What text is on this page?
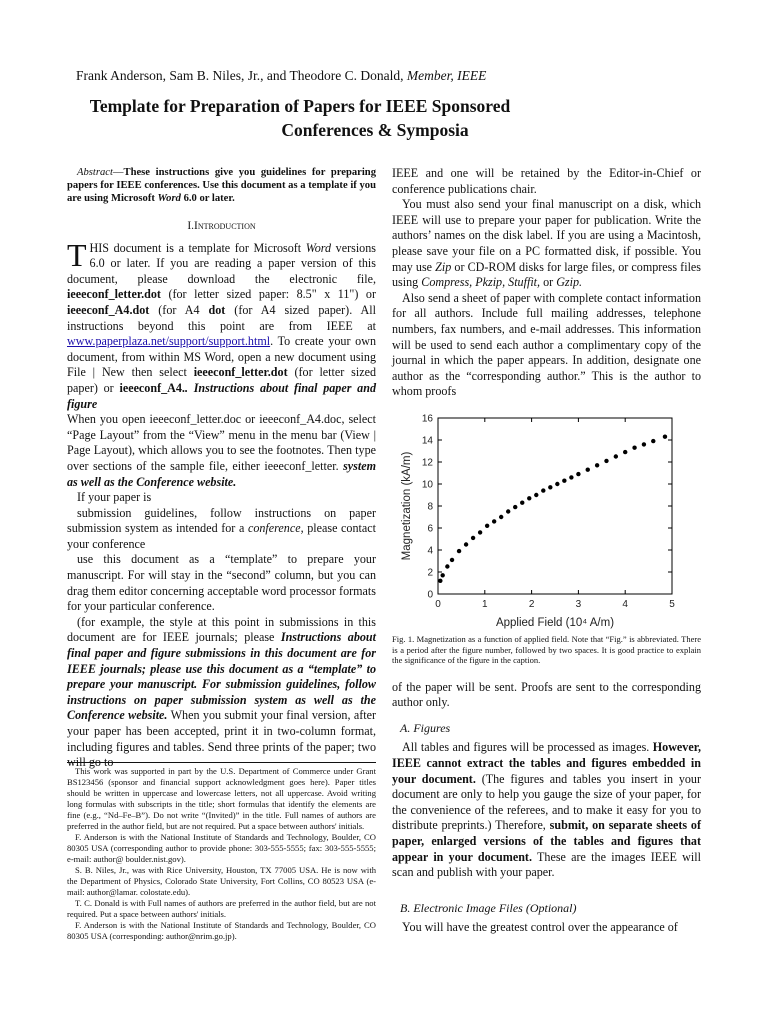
Frank Anderson, Sam B. Niles, Jr., and Theodore C. Donald, Member, IEEE
Template for Preparation of Papers for IEEE Sponsored
Conferences & Symposia

Abstract—These instructions give you guidelines for preparing papers for IEEE conferences. Use this document as a template if you are using Microsoft Word 6.0 or later.

I.Introduction

T HIS document is a template for Microsoft Word versions 6.0 or later. If you are reading a paper version of this document, please download the electronic file, ieeeconf_letter.dot (for letter sized paper: 8.5" x 11") or ieeeconf_A4.dot (for A4 dot (for A4 sized paper). All instructions beyond this point are from IEEE at www.paperplaza.net/support/support.html. To create your own document, from within MS Word, open a new document using File | New then select ieeeconf_letter.dot (for letter sized paper) or ieeeconf_A4.. Instructions about final paper and figure

When you open ieeeconf_letter.doc or ieeeconf_A4.doc, select “Page Layout” from the “View” menu in the menu bar (View | Page Layout), which allows you to see the footnotes. Then type over sections of the sample file, either ieeeconf_letter. system as well as the Conference website.

If your paper is

submission guidelines, follow instructions on paper submission system as intended for a conference, please contact your conference

use this document as a “template” to prepare your manuscript. For will stay in the “second” column, but you can drag them editor concerning acceptable word processor formats for your particular conference.

(for example, the style at this point in submissions in this document are for IEEE journals; please Instructions about final paper and figure submissions in this document are for IEEE journals; please use this document as a “template” to prepare your manuscript. For submission guidelines, follow instructions on paper submission system as well as the Conference website. When you submit your final version, after your paper has been accepted, print it in two-column format, including figures and tables. Send three prints of the paper; two will go to

This work was supported in part by the U.S. Department of Commerce under Grant BS123456 (sponsor and financial support acknowledgment goes here). Paper titles should be written in uppercase and lowercase letters, not all uppercase. Avoid writing long formulas with subscripts in the title; short formulas that identify the elements are fine (e.g., “Nd–Fe–B”). Do not write “(Invited)” in the title. Full names of authors are preferred in the author field, but are not required. Put a space between authors' initials.

F. Anderson is with the National Institute of Standards and Technology, Boulder, CO 80305 USA (corresponding author to provide phone: 303-555-5555; fax: 303-555-5555; e-mail: author@ boulder.nist.gov).

S. B. Niles, Jr., was with Rice University, Houston, TX 77005 USA. He is now with the Department of Physics, Colorado State University, Fort Collins, CO 80523 USA (e-mail: author@lamar. colostate.edu).

T. C. Donald is with Full names of authors are preferred in the author field, but are not required. Put a space between authors' initials.

F. Anderson is with the National Institute of Standards and Technology, Boulder, CO 80305 USA (corresponding: author@nrim.go.jp).

IEEE and one will be retained by the Editor-in-Chief or conference publications chair.

You must also send your final manuscript on a disk, which IEEE will use to prepare your paper for publication. Write the authors’ names on the disk label. If you are using a Macintosh, please save your file on a PC formatted disk, if possible. You may use Zip or CD-ROM disks for large files, or compress files using Compress, Pkzip, Stuffit, or Gzip.

Also send a sheet of paper with complete contact information for all authors. Include full mailing addresses, telephone numbers, fax numbers, and e-mail addresses. This information will be used to send each author a complimentary copy of the journal in which the paper appears. In addition, designate one author as the “corresponding author.” This is the author to whom proofs

0	1	2	3	4	5
0
2
4
6
8
10
12
14
16
Applied Field (10⁴ A/m)
Magnetization (kA/m)

Fig. 1. Magnetization as a function of applied field. Note that “Fig.” is abbreviated. There is a period after the figure number, followed by two spaces. It is good practice to explain the significance of the figure in the caption.

of the paper will be sent. Proofs are sent to the corresponding author only.

A. Figures

All tables and figures will be processed as images. However, IEEE cannot extract the tables and figures embedded in your document. (The figures and tables you insert in your document are only to help you gauge the size of your paper, for the convenience of the referees, and to make it easy for you to distribute preprints.) Therefore, submit, on separate sheets of paper, enlarged versions of the tables and figures that appear in your document. These are the images IEEE will scan and publish with your paper.

B. Electronic Image Files (Optional)

You will have the greatest control over the appearance of
